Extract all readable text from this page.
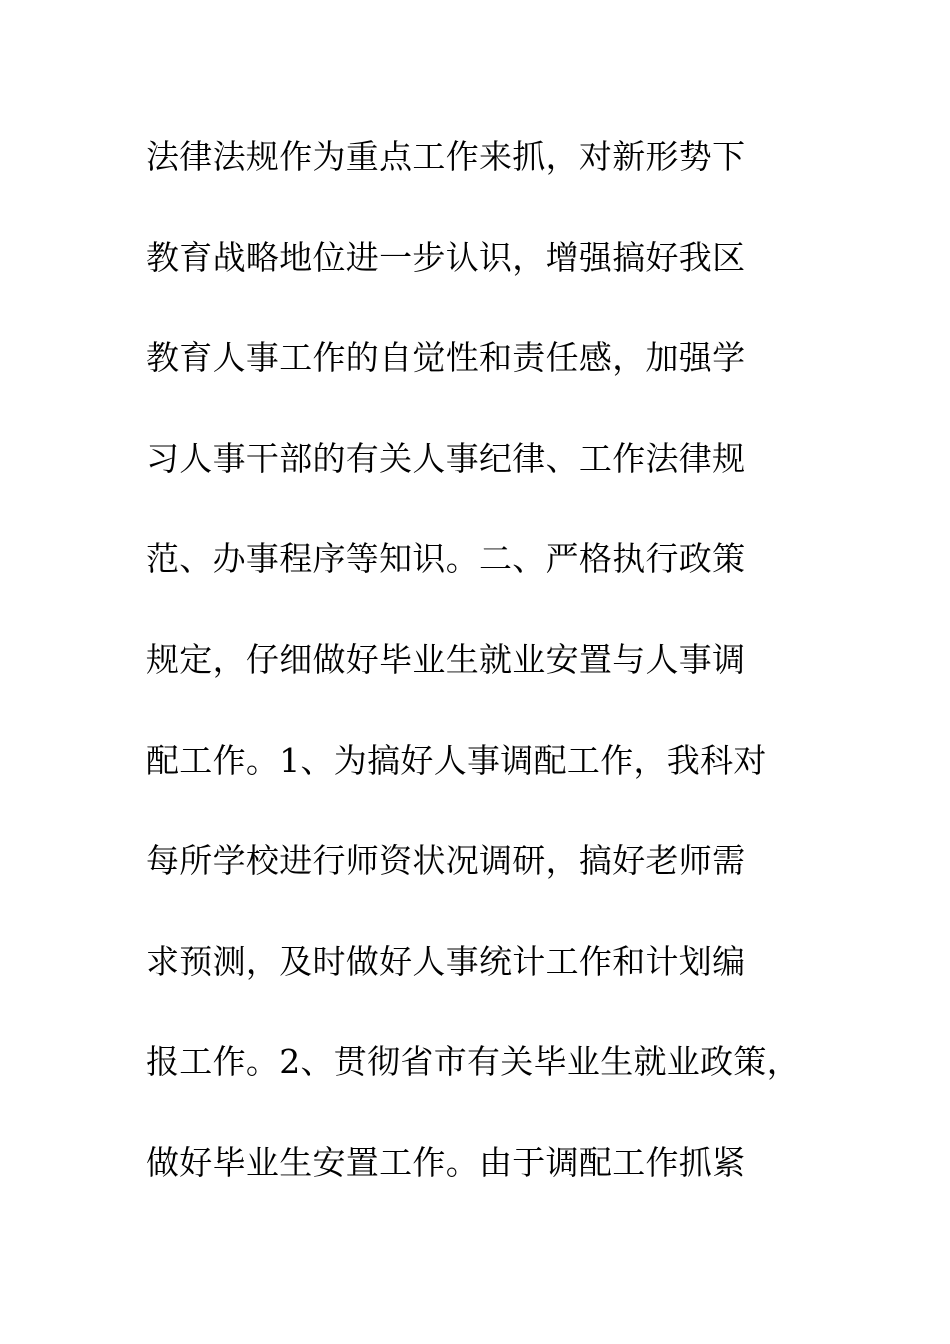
法律法规作为重点工作来抓，对新形势下
教育战略地位进一步认识，增强搞好我区
教育人事工作的自觉性和责任感，加强学
习人事干部的有关人事纪律、工作法律规
范、办事程序等知识。二、严格执行政策
规定，仔细做好毕业生就业安置与人事调
配工作。1、为搞好人事调配工作，我科对
每所学校进行师资状况调研，搞好老师需
求预测，及时做好人事统计工作和计划编
报工作。2、贯彻省市有关毕业生就业政策，
做好毕业生安置工作。由于调配工作抓紧
